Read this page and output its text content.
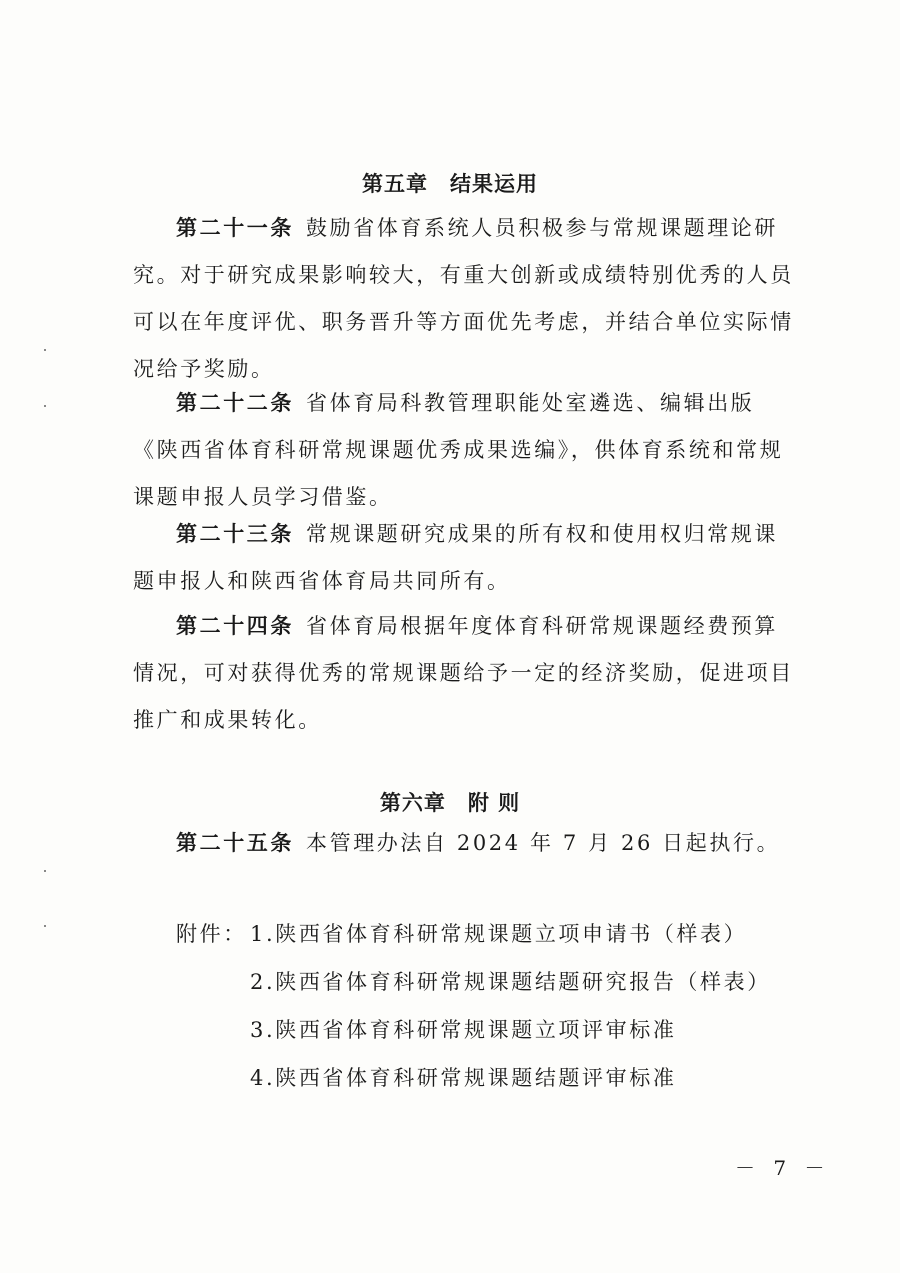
第五章 结果运用
第二十一条 鼓励省体育系统人员积极参与常规课题理论研究。对于研究成果影响较大，有重大创新或成绩特别优秀的人员可以在年度评优、职务晋升等方面优先考虑，并结合单位实际情况给予奖励。
第二十二条 省体育局科教管理职能处室遴选、编辑出版《陕西省体育科研常规课题优秀成果选编》，供体育系统和常规课题申报人员学习借鉴。
第二十三条 常规课题研究成果的所有权和使用权归常规课题申报人和陕西省体育局共同所有。
第二十四条 省体育局根据年度体育科研常规课题经费预算情况，可对获得优秀的常规课题给予一定的经济奖励，促进项目推广和成果转化。
第六章 附 则
第二十五条 本管理办法自 2024 年 7 月 26 日起执行。
附件： 1.陕西省体育科研常规课题立项申请书（样表）
2.陕西省体育科研常规课题结题研究报告（样表）
3.陕西省体育科研常规课题立项评审标准
4.陕西省体育科研常规课题结题评审标准
－ 7 －
